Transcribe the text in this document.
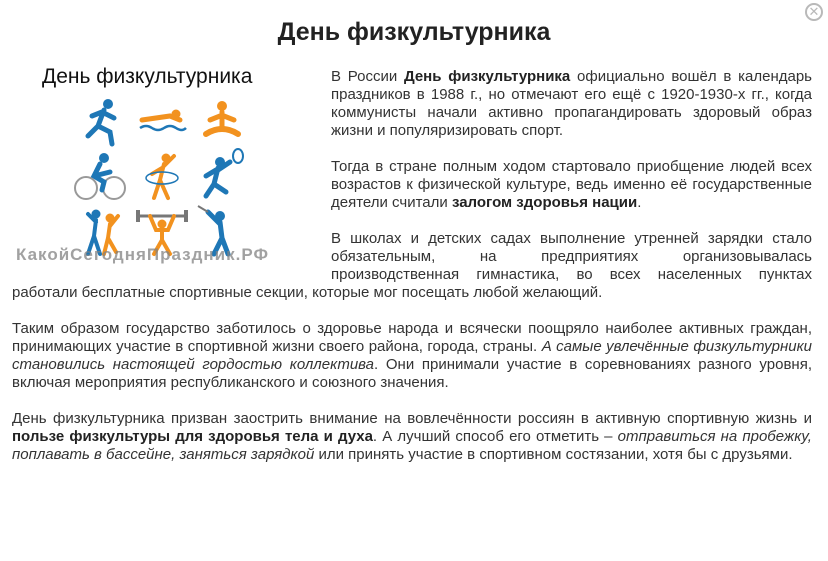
✕
День физкультурника
День физкультурника
КакойСегодняПраздник.РФ

В России День физкультурника официально вошёл в календарь праздников в 1988 г., но отмечают его ещё с 1920-1930-х гг., когда коммунисты начали активно пропагандировать здоровый образ жизни и популяризировать спорт.

Тогда в стране полным ходом стартовало приобщение людей всех возрастов к физической культуре, ведь именно её государственные деятели считали залогом здоровья нации.

В школах и детских садах выполнение утренней зарядки стало обязательным, на предприятиях организовывалась производственная гимнастика, во всех населенных пунктах работали бесплатные спортивные секции, которые мог посещать любой желающий.

Таким образом государство заботилось о здоровье народа и всячески поощряло наиболее активных граждан, принимающих участие в спортивной жизни своего района, города, страны. А самые увлечённые физкультурники становились настоящей гордостью коллектива. Они принимали участие в соревнованиях разного уровня, включая мероприятия республиканского и союзного значения.

День физкультурника призван заострить внимание на вовлечённости россиян в активную спортивную жизнь и пользе физкультуры для здоровья тела и духа. А лучший способ его отметить – отправиться на пробежку, поплавать в бассейне, заняться зарядкой или принять участие в спортивном состязании, хотя бы с друзьями.
